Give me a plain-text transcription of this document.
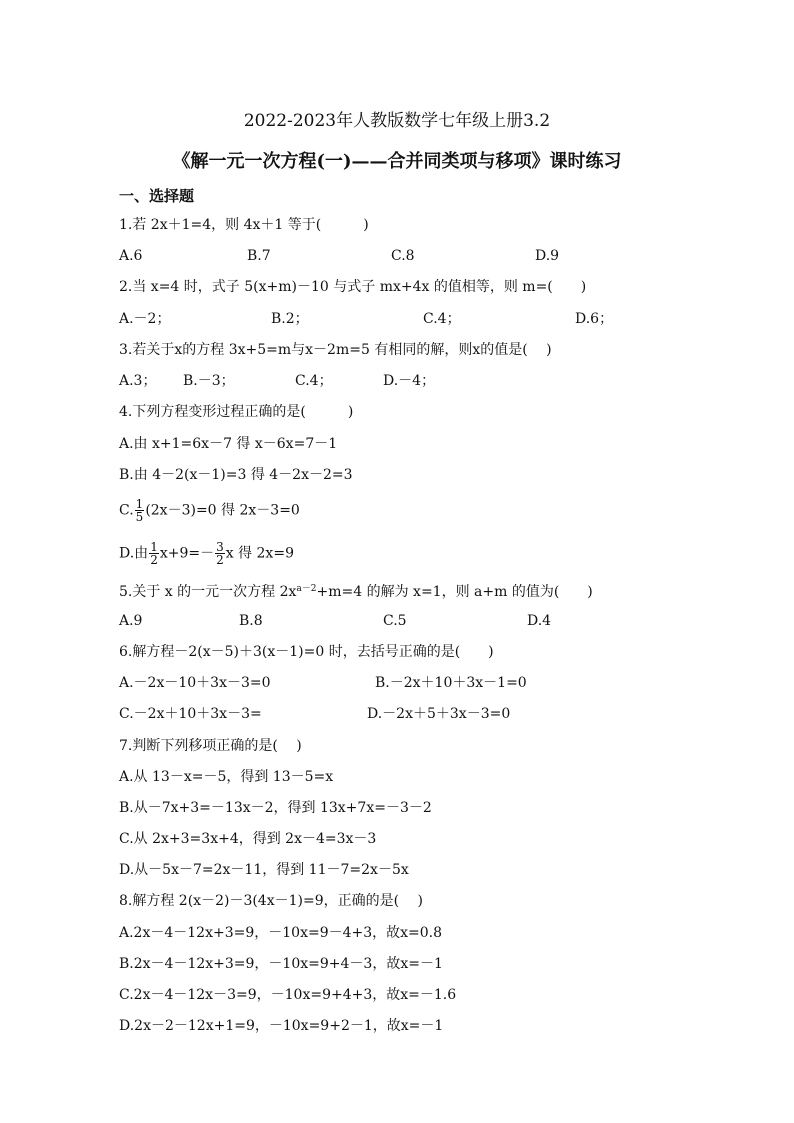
2022-2023年人教版数学七年级上册3.2
《解一元一次方程(一)——合并同类项与移项》课时练习
一、选择题
1.若 2x＋1=4，则 4x＋1 等于(　　　)
A.6	B.7	C.8	D.9
2.当 x=4 时，式子 5(x+m)－10 与式子 mx+4x 的值相等，则 m=(　　)
A.－2；	B.2；	C.4；	D.6；
3.若关于x的方程 3x+5=m与x－2m=5 有相同的解，则x的值是(　 )
A.3； B.－3；	C.4；	D.－4；
4.下列方程变形过程正确的是(　　　)
A.由 x+1=6x－7 得 x－6x=7－1
B.由 4－2(x－1)=3 得 4－2x－2=3
C. $\frac{1}{5} (2x-3)=0$ 得 2x－3=0
D.由 $\frac{1}{2} x+9=- \frac{3}{2}$ x 得 2x=9
5.关于 x 的一元一次方程 $2x^{a-2}+m=4$ 的解为 x=1，则 a+m 的值为(　　)
A.9	B.8	C.5	D.4
6.解方程－2(x－5)＋3(x－1)=0 时，去括号正确的是(　　)
A.－2x－10＋3x－3=0	B.－2x＋10＋3x－1=0
C.－2x＋10＋3x－3=	D.－2x＋5＋3x－3=0
7.判断下列移项正确的是(　 )
A.从 13－x=－5，得到 13－5=x
B.从－7x+3=－13x－2，得到 13x+7x=－3－2
C.从 2x+3=3x+4，得到 2x－4=3x－3
D.从－5x－7=2x－11，得到 11－7=2x－5x
8.解方程 2(x－2)－3(4x－1)=9，正确的是(　 )
A.2x－4－12x+3=9，－10x=9－4+3，故x=0.8
B.2x－4－12x+3=9，－10x=9+4－3，故x=－1
C.2x－4－12x－3=9，－10x=9+4+3，故x=－1.6
D.2x－2－12x+1=9，－10x=9+2－1，故x=－1
